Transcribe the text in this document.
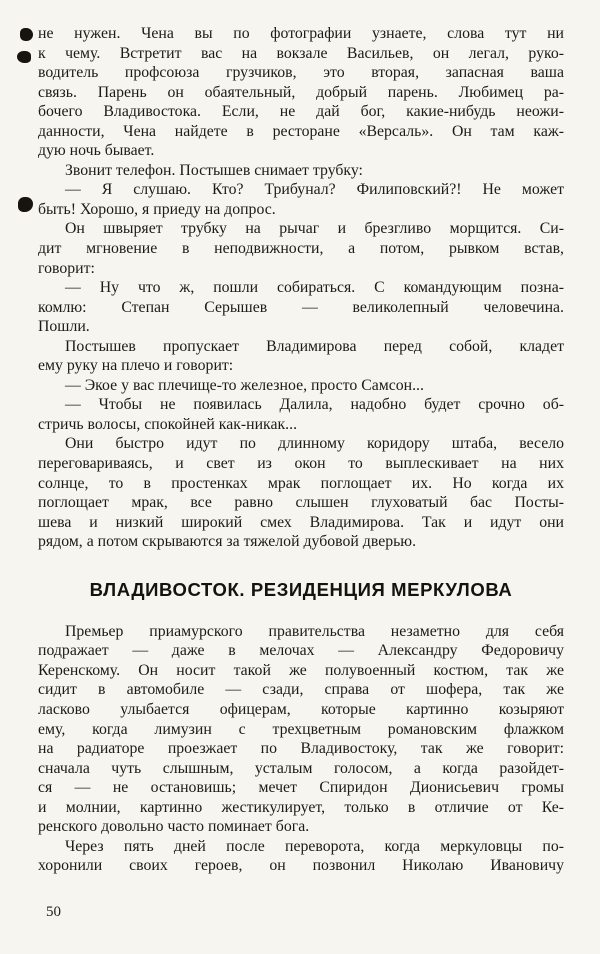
не нужен. Чена вы по фотографии узнаете, слова тут ни
к чему. Встретит вас на вокзале Васильев, он легал, руко-
водитель профсоюза грузчиков, это вторая, запасная ваша
связь. Парень он обаятельный, добрый парень. Любимец ра-
бочего Владивостока. Если, не дай бог, какие-нибудь неожи-
данности, Чена найдете в ресторане «Версаль». Он там каж-
дую ночь бывает.
Звонит телефон. Постышев снимает трубку:
— Я слушаю. Кто? Трибунал? Филиповский?! Не может
быть! Хорошо, я приеду на допрос.
Он швыряет трубку на рычаг и брезгливо морщится. Си-
дит мгновение в неподвижности, а потом, рывком встав,
говорит:
— Ну что ж, пошли собираться. С командующим позна-
комлю: Степан Серышев — великолепный человечина.
Пошли.
Постышев пропускает Владимирова перед собой, кладет
ему руку на плечо и говорит:
— Экое у вас плечище-то железное, просто Самсон...
— Чтобы не появилась Далила, надобно будет срочно об-
стричь волосы, спокойней как-никак...
Они быстро идут по длинному коридору штаба, весело
переговариваясь, и свет из окон то выплескивает на них
солнце, то в простенках мрак поглощает их. Но когда их
поглощает мрак, все равно слышен глуховатый бас Посты-
шева и низкий широкий смех Владимирова. Так и идут они
рядом, а потом скрываются за тяжелой дубовой дверью.
ВЛАДИВОСТОК. РЕЗИДЕНЦИЯ МЕРКУЛОВА
Премьер приамурского правительства незаметно для себя
подражает — даже в мелочах — Александру Федоровичу
Керенскому. Он носит такой же полувоенный костюм, так же
сидит в автомобиле — сзади, справа от шофера, так же
ласково улыбается офицерам, которые картинно козыряют
ему, когда лимузин с трехцветным романовским флажком
на радиаторе проезжает по Владивостоку, так же говорит:
сначала чуть слышным, усталым голосом, а когда разойдет-
ся — не остановишь; мечет Спиридон Дионисьевич громы
и молнии, картинно жестикулирует, только в отличие от Ке-
ренского довольно часто поминает бога.
Через пять дней после переворота, когда меркуловцы по-
хоронили своих героев, он позвонил Николаю Ивановичу
50
